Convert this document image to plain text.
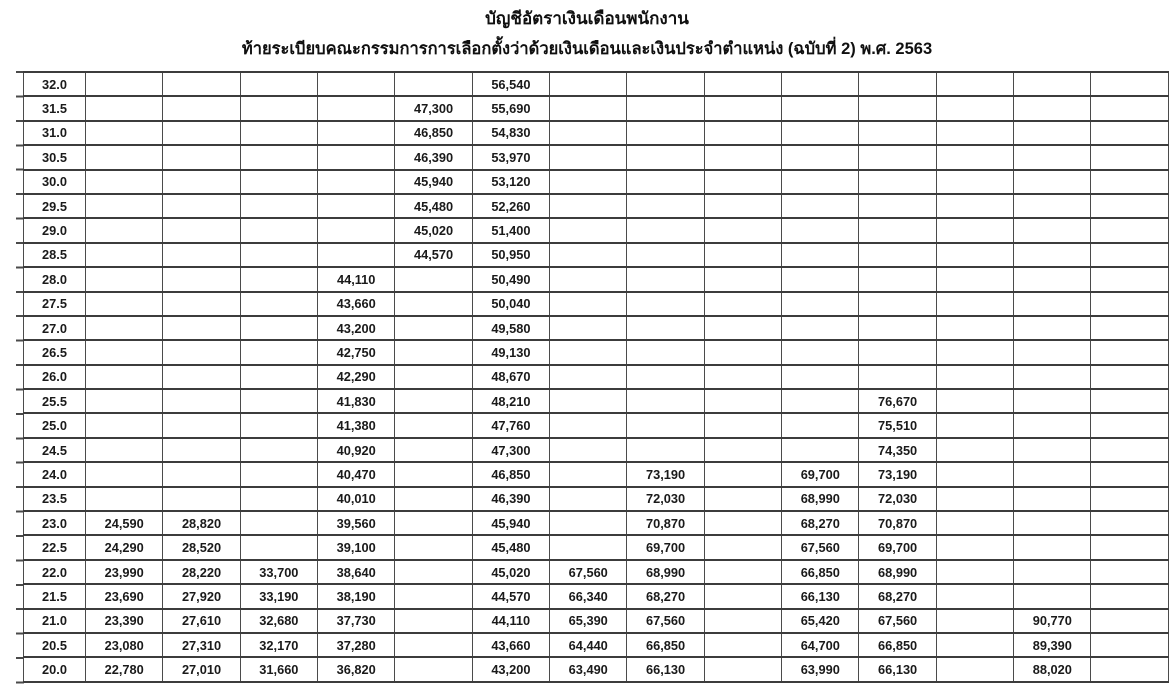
บัญชีอัตราเงินเดือนพนักงาน
ท้ายระเบียบคณะกรรมการการเลือกตั้งว่าด้วยเงินเดือนและเงินประจำตำแหน่ง (ฉบับที่ 2) พ.ศ. 2563
32.0						56,540								
31.5					47,300	55,690								
31.0					46,850	54,830								
30.5					46,390	53,970								
30.0					45,940	53,120								
29.5					45,480	52,260								
29.0					45,020	51,400								
28.5					44,570	50,950								
28.0				44,110		50,490								
27.5				43,660		50,040								
27.0				43,200		49,580								
26.5				42,750		49,130								
26.0				42,290		48,670								
25.5				41,830		48,210					76,670			
25.0				41,380		47,760					75,510			
24.5				40,920		47,300					74,350			
24.0				40,470		46,850		73,190		69,700	73,190			
23.5				40,010		46,390		72,030		68,990	72,030			
23.0	24,590	28,820		39,560		45,940		70,870		68,270	70,870			
22.5	24,290	28,520		39,100		45,480		69,700		67,560	69,700			
22.0	23,990	28,220	33,700	38,640		45,020	67,560	68,990		66,850	68,990			
21.5	23,690	27,920	33,190	38,190		44,570	66,340	68,270		66,130	68,270			
21.0	23,390	27,610	32,680	37,730		44,110	65,390	67,560		65,420	67,560		90,770	
20.5	23,080	27,310	32,170	37,280		43,660	64,440	66,850		64,700	66,850		89,390	
20.0	22,780	27,010	31,660	36,820		43,200	63,490	66,130		63,990	66,130		88,020	
